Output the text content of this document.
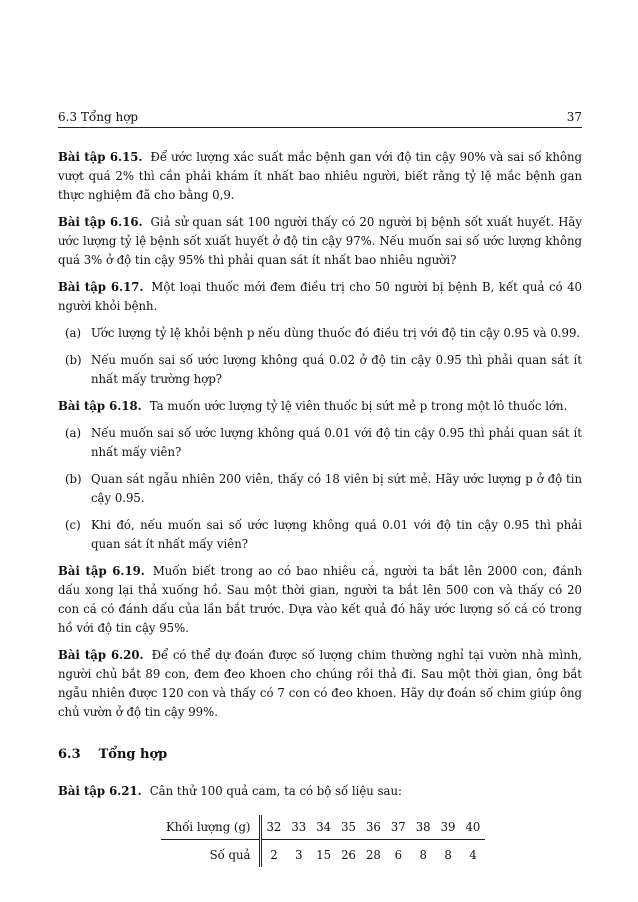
6.3 Tổng hợp	37

Bài tập 6.15. Để ước lượng xác suất mắc bệnh gan với độ tin cậy 90% và sai số không vượt quá 2% thì cần phải khám ít nhất bao nhiêu người, biết rằng tỷ lệ mắc bệnh gan thực nghiệm đã cho bằng 0,9.

Bài tập 6.16. Giả sử quan sát 100 người thấy có 20 người bị bệnh sốt xuất huyết. Hãy ước lượng tỷ lệ bệnh sốt xuất huyết ở độ tin cậy 97%. Nếu muốn sai số ước lượng không quá 3% ở độ tin cậy 95% thì phải quan sát ít nhất bao nhiêu người?

Bài tập 6.17. Một loại thuốc mới đem điều trị cho 50 người bị bệnh B, kết quả có 40 người khỏi bệnh.

(a) Ước lượng tỷ lệ khỏi bệnh p nếu dùng thuốc đó điều trị với độ tin cậy 0.95 và 0.99.
(b) Nếu muốn sai số ước lượng không quá 0.02 ở độ tin cậy 0.95 thì phải quan sát ít nhất mấy trường hợp?

Bài tập 6.18. Ta muốn ước lượng tỷ lệ viên thuốc bị sứt mẻ p trong một lô thuốc lớn.

(a) Nếu muốn sai số ước lượng không quá 0.01 với độ tin cậy 0.95 thì phải quan sát ít nhất mấy viên?
(b) Quan sát ngẫu nhiên 200 viên, thấy có 18 viên bị sứt mẻ. Hãy ước lượng p ở độ tin cậy 0.95.
(c) Khi đó, nếu muốn sai số ước lượng không quá 0.01 với độ tin cậy 0.95 thì phải quan sát ít nhất mấy viên?

Bài tập 6.19. Muốn biết trong ao có bao nhiêu cá, người ta bắt lên 2000 con, đánh dấu xong lại thả xuống hồ. Sau một thời gian, người ta bắt lên 500 con và thấy có 20 con cá có đánh dấu của lần bắt trước. Dựa vào kết quả đó hãy ước lượng số cá có trong hồ với độ tin cậy 95%.

Bài tập 6.20. Để có thể dự đoán được số lượng chim thường nghỉ tại vườn nhà mình, người chủ bắt 89 con, đem đeo khoen cho chúng rồi thả đi. Sau một thời gian, ông bắt ngẫu nhiên được 120 con và thấy có 7 con có đeo khoen. Hãy dự đoán số chim giúp ông chủ vườn ở độ tin cậy 99%.

6.3 Tổng hợp

Bài tập 6.21. Cân thử 100 quả cam, ta có bộ số liệu sau:

Khối lượng (g)	32	33	34	35	36	37	38	39	40
Số quả	2	3	15	26	28	6	8	8	4
